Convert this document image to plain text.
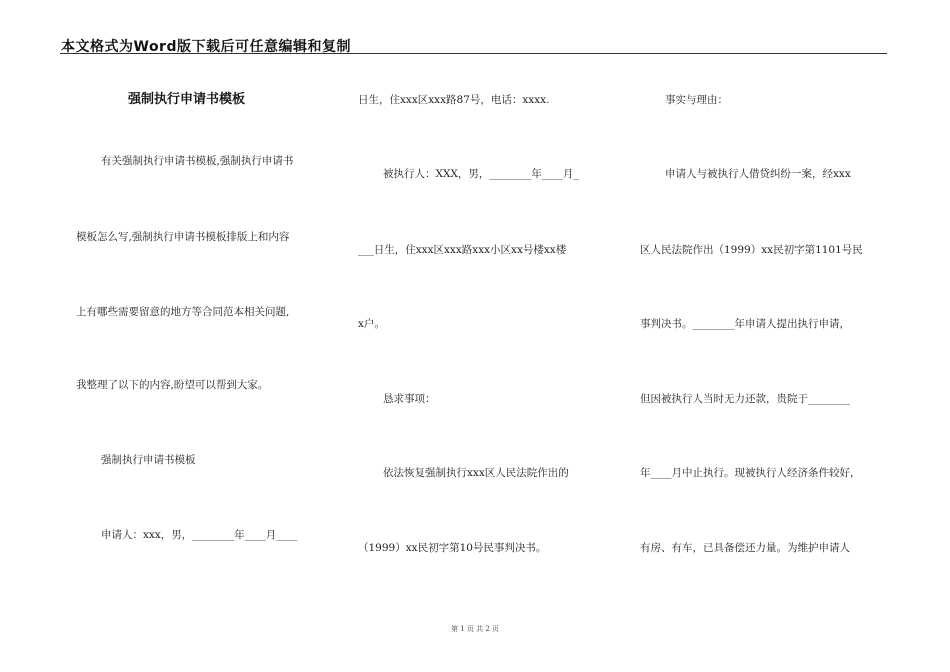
本文格式为Word版下载后可任意编辑和复制
强制执行申请书模板
有关强制执行申请书模板,强制执行申请书
模板怎么写,强制执行申请书模板排版上和内容
上有哪些需要留意的地方等合同范本相关问题,
我整理了以下的内容,盼望可以帮到大家。
强制执行申请书模板
申请人：xxx，男，________年____月____
日生，住xxx区xxx路87号，电话：xxxx.
被执行人：XXX，男，________年____月_
___日生，住xxx区xxx路xxx小区xx号楼xx楼
x户。
恳求事项：
依法恢复强制执行xxx区人民法院作出的
（1999）xx民初字第10号民事判决书。
事实与理由：
申请人与被执行人借贷纠纷一案，经xxx
区人民法院作出（1999）xx民初字第1101号民
事判决书。________年申请人提出执行申请，
但因被执行人当时无力还款，贵院于________
年____月中止执行。现被执行人经济条件较好，
有房、有车，已具备偿还力量。为维护申请人
第 1 页 共 2 页
